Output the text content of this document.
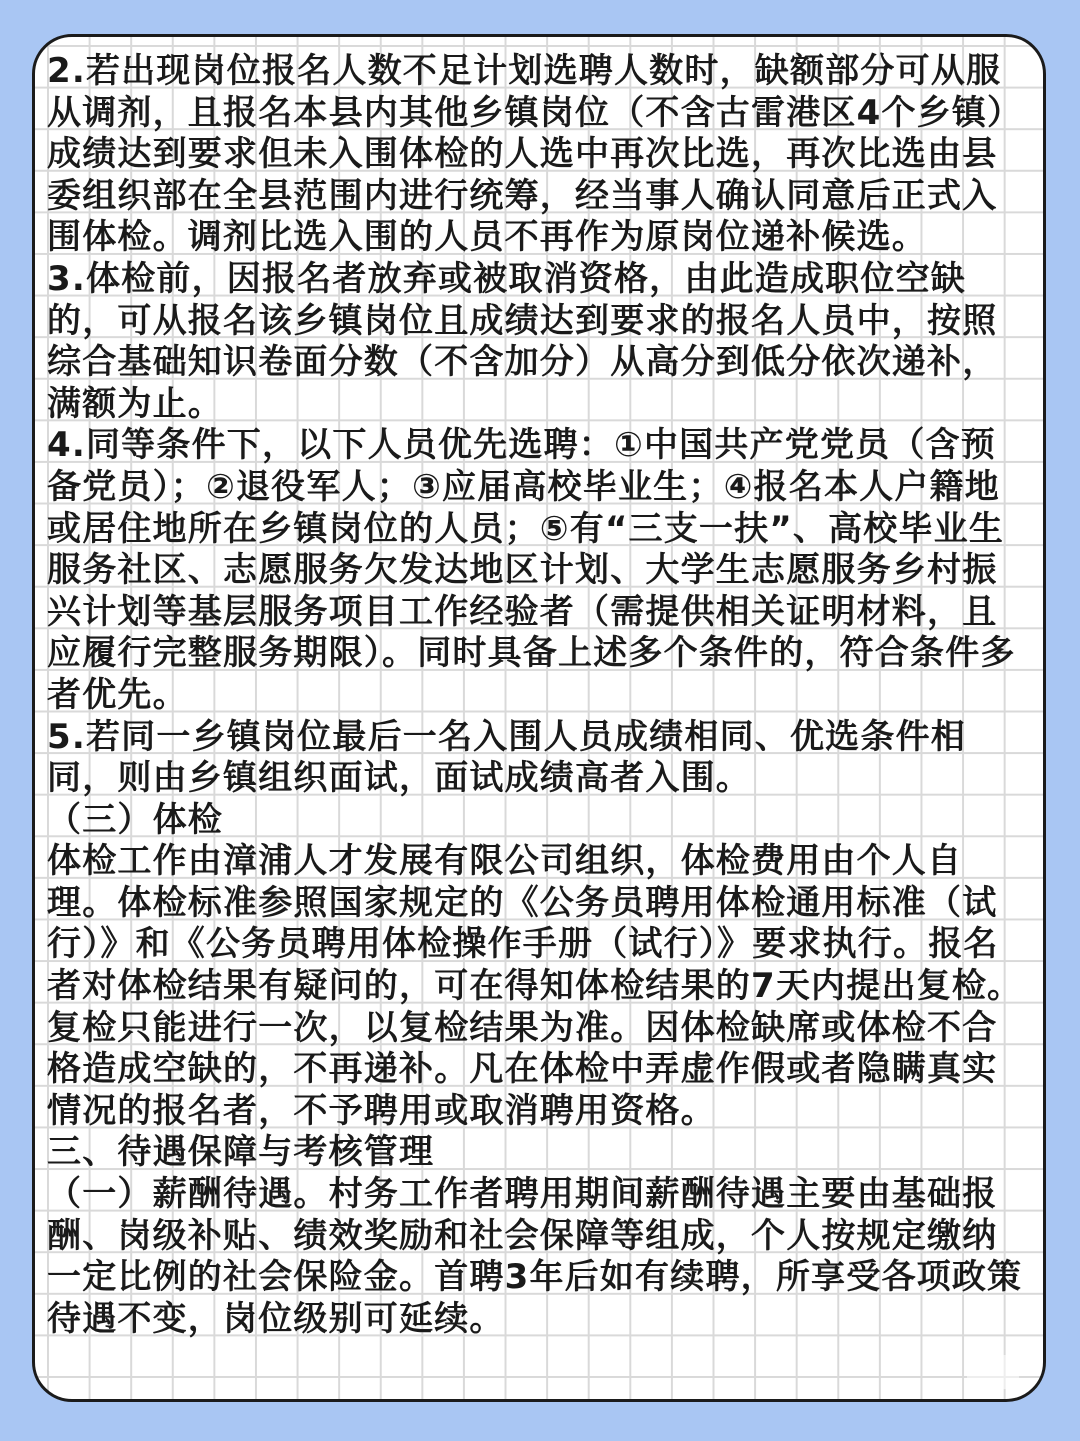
2.若出现岗位报名人数不足计划选聘人数时，缺额部分可从服从调剂，且报名本县内其他乡镇岗位（不含古雷港区4个乡镇）成绩达到要求但未入围体检的人选中再次比选，再次比选由县委组织部在全县范围内进行统筹，经当事人确认同意后正式入围体检。调剂比选入围的人员不再作为原岗位递补候选。

3.体检前，因报名者放弃或被取消资格，由此造成职位空缺的，可从报名该乡镇岗位且成绩达到要求的报名人员中，按照综合基础知识卷面分数（不含加分）从高分到低分依次递补，满额为止。

4.同等条件下，以下人员优先选聘：①中国共产党党员（含预备党员）；②退役军人；③应届高校毕业生；④报名本人户籍地或居住地所在乡镇岗位的人员；⑤有“三支一扶”、高校毕业生服务社区、志愿服务欠发达地区计划、大学生志愿服务乡村振兴计划等基层服务项目工作经验者（需提供相关证明材料，且应履行完整服务期限）。同时具备上述多个条件的，符合条件多者优先。

5.若同一乡镇岗位最后一名入围人员成绩相同、优选条件相同，则由乡镇组织面试，面试成绩高者入围。

（三）体检

体检工作由漳浦人才发展有限公司组织，体检费用由个人自理。体检标准参照国家规定的《公务员聘用体检通用标准（试行）》和《公务员聘用体检操作手册（试行）》要求执行。报名者对体检结果有疑问的，可在得知体检结果的7天内提出复检。复检只能进行一次，以复检结果为准。因体检缺席或体检不合格造成空缺的，不再递补。凡在体检中弄虚作假或者隐瞒真实情况的报名者，不予聘用或取消聘用资格。

三、待遇保障与考核管理

（一）薪酬待遇。村务工作者聘用期间薪酬待遇主要由基础报酬、岗级补贴、绩效奖励和社会保障等组成，个人按规定缴纳一定比例的社会保险金。首聘3年后如有续聘，所享受各项政策待遇不变，岗位级别可延续。
